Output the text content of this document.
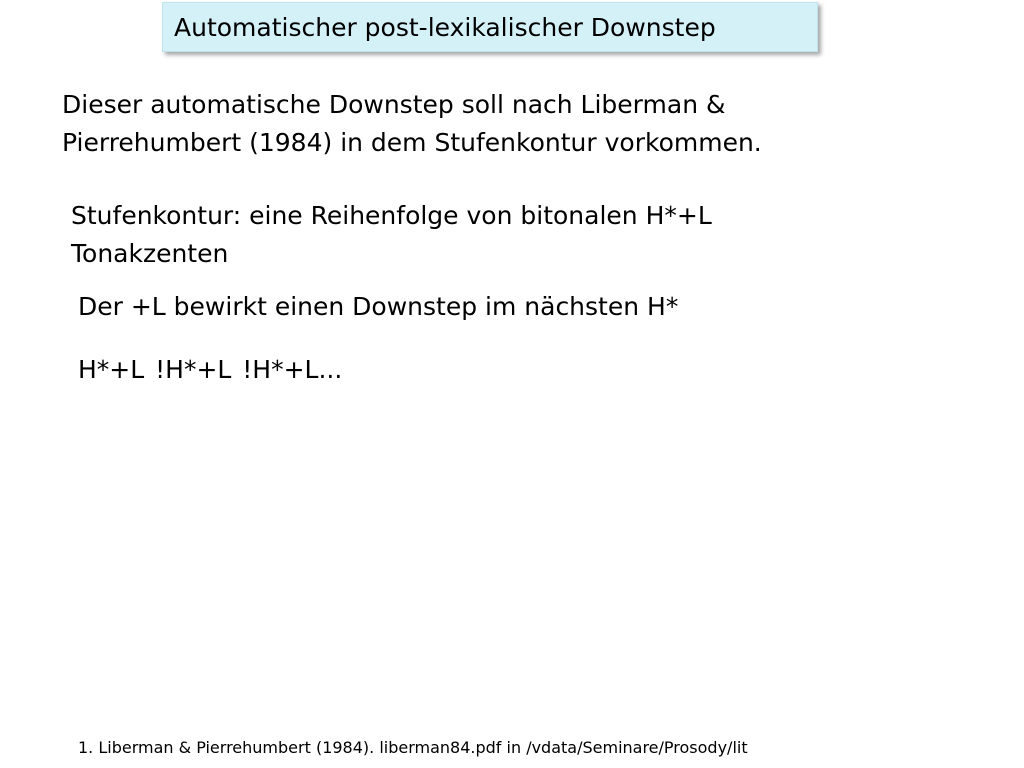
Automatischer post-lexikalischer Downstep
Dieser automatische Downstep soll nach Liberman &
Pierrehumbert (1984) in dem Stufenkontur vorkommen.
Stufenkontur: eine Reihenfolge von bitonalen H*+L
Tonakzenten
Der +L bewirkt einen Downstep im nächsten H*
H*+L !H*+L !H*+L...
1. Liberman & Pierrehumbert (1984). liberman84.pdf in /vdata/Seminare/Prosody/lit
